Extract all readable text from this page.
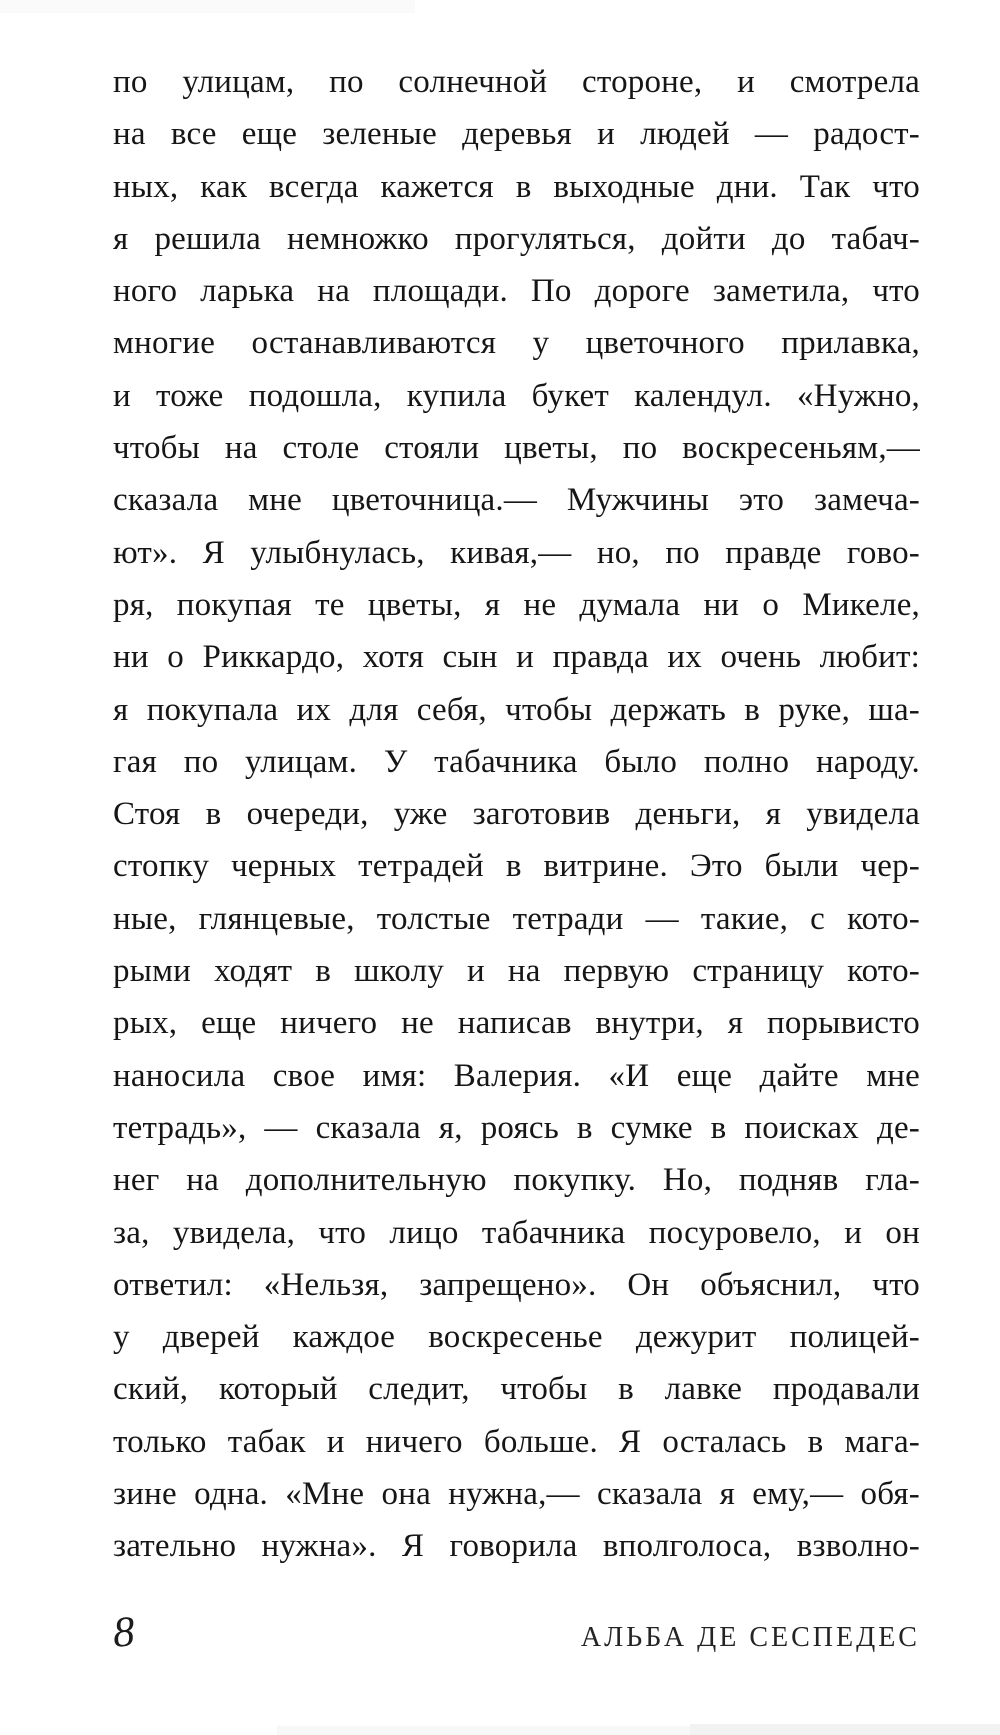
по улицам, по солнечной стороне, и смотрела
на все еще зеленые деревья и людей — радост-
ных, как всегда кажется в выходные дни. Так что
я решила немножко прогуляться, дойти до табач-
ного ларька на площади. По дороге заметила, что
многие останавливаются у цветочного прилавка,
и тоже подошла, купила букет календул. «Нужно,
чтобы на столе стояли цветы, по воскресеньям,—
сказала мне цветочница.— Мужчины это замеча-
ют». Я улыбнулась, кивая,— но, по правде гово-
ря, покупая те цветы, я не думала ни о Микеле,
ни о Риккардо, хотя сын и правда их очень любит:
я покупала их для себя, чтобы держать в руке, ша-
гая по улицам. У табачника было полно народу.
Стоя в очереди, уже заготовив деньги, я увидела
стопку черных тетрадей в витрине. Это были чер-
ные, глянцевые, толстые тетради — такие, с кото-
рыми ходят в школу и на первую страницу кото-
рых, еще ничего не написав внутри, я порывисто
наносила свое имя: Валерия. «И еще дайте мне
тетрадь», — сказала я, роясь в сумке в поисках де-
нег на дополнительную покупку. Но, подняв гла-
за, увидела, что лицо табачника посуровело, и он
ответил: «Нельзя, запрещено». Он объяснил, что
у дверей каждое воскресенье дежурит полицей-
ский, который следит, чтобы в лавке продавали
только табак и ничего больше. Я осталась в мага-
зине одна. «Мне она нужна,— сказала я ему,— обя-
зательно нужна». Я говорила вполголоса, взволно-
8	АЛЬБА ДЕ СЕСПЕДЕС
